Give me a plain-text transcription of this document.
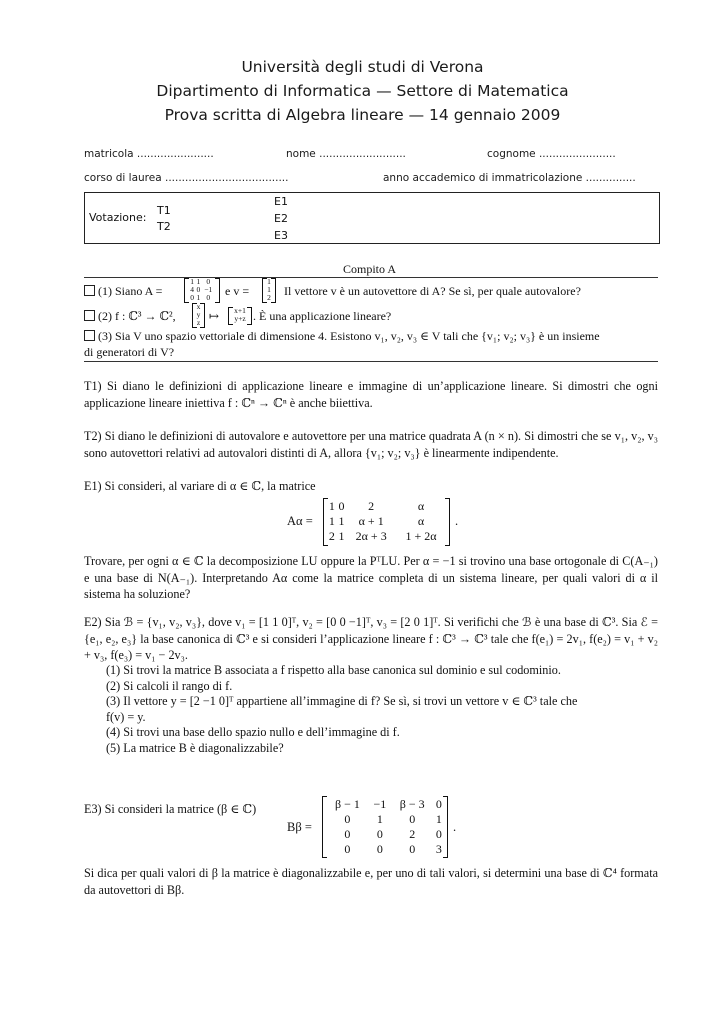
Università degli studi di Verona
Dipartimento di Informatica — Settore di Matematica
Prova scritta di Algebra lineare — 14 gennaio 2009
matricola .......................	nome ..........................	cognome .......................
corso di laurea .....................................	anno accademico di immatricolazione ...............
Votazione:
T1
T2
E1
E2
E3
Compito A
(1) Siano A =
1	1	0
4	0	−1
0	1	0 e v =
1
1
2 Il vettore v è un autovettore di A? Se sì, per quale autovalore?
(2) f : ℂ³ → ℂ²,
x
y
z ↦ x+1
y+z . È una applicazione lineare?
(3) Sia V uno spazio vettoriale di dimensione 4. Esistono v₁, v₂, v₃ ∈ V tali che {v₁; v₂; v₃} è un insieme
di generatori di V?
T1) Si diano le definizioni di applicazione lineare e immagine di un’applicazione lineare. Si dimostri che ogni applicazione lineare iniettiva f : ℂⁿ → ℂⁿ è anche biiettiva.
T2) Si diano le definizioni di autovalore e autovettore per una matrice quadrata A (n × n). Si dimostri che se v₁, v₂, v₃ sono autovettori relativi ad autovalori distinti di A, allora {v₁; v₂; v₃} è linearmente indipendente.
E1) Si consideri, al variare di α ∈ ℂ, la matrice
Aα =
1	0	2	α
1	1	α + 1	α
2	1	2α + 3	1 + 2α
.
Trovare, per ogni α ∈ ℂ la decomposizione LU oppure la PᵀLU. Per α = −1 si trovino una base ortogonale di C(A₋₁) e una base di N(A₋₁). Interpretando Aα come la matrice completa di un sistema lineare, per quali valori di α il sistema ha soluzione?
E2) Sia ℬ = {v₁, v₂, v₃}, dove v₁ = [1 1 0]ᵀ, v₂ = [0 0 −1]ᵀ, v₃ = [2 0 1]ᵀ. Si verifichi che ℬ è una base di ℂ³. Sia ℰ = {e₁, e₂, e₃} la base canonica di ℂ³ e si consideri l’applicazione lineare f : ℂ³ → ℂ³ tale che f(e₁) = 2v₁, f(e₂) = v₁ + v₂ + v₃, f(e₃) = v₁ − 2v₃.
(1) Si trovi la matrice B associata a f rispetto alla base canonica sul dominio e sul codominio.
(2) Si calcoli il rango di f.
(3) Il vettore y = [2 −1 0]ᵀ appartiene all’immagine di f? Se sì, si trovi un vettore v ∈ ℂ³ tale che
f(v) = y.
(4) Si trovi una base dello spazio nullo e dell’immagine di f.
(5) La matrice B è diagonalizzabile?
E3) Si consideri la matrice (β ∈ ℂ)
Bβ =
β − 1	−1	β − 3	0
0	1	0	1
0	0	2	0
0	0	0	3
.
Si dica per quali valori di β la matrice è diagonalizzabile e, per uno di tali valori, si determini una base di ℂ⁴ formata da autovettori di Bβ.
